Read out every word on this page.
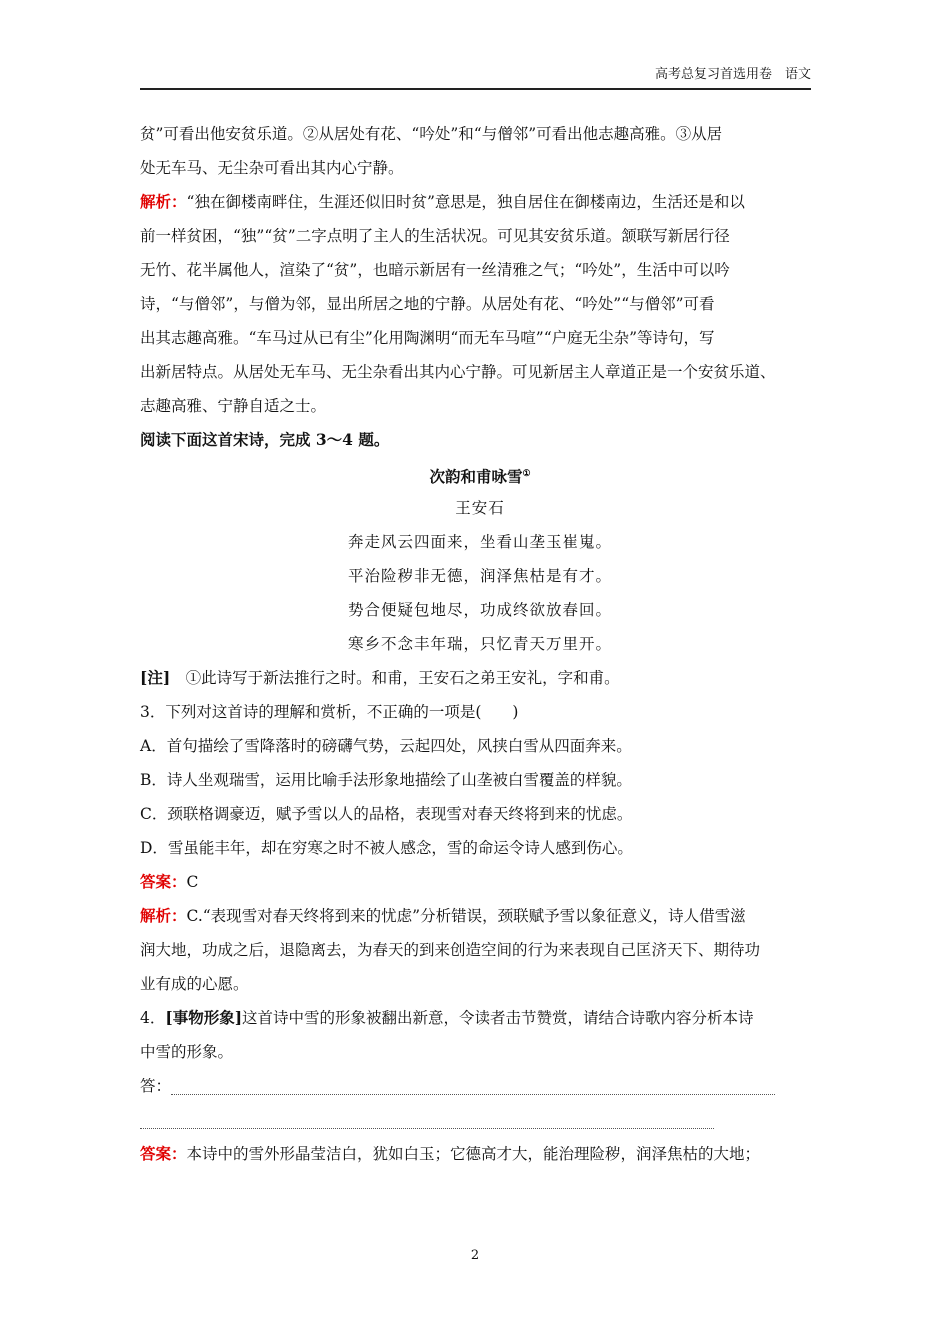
高考总复习首选用卷　语文
贫”可看出他安贫乐道。②从居处有花、“吟处”和“与僧邻”可看出他志趣高雅。③从居
处无车马、无尘杂可看出其内心宁静。
解析：“独在御楼南畔住，生涯还似旧时贫”意思是，独自居住在御楼南边，生活还是和以
前一样贫困，“独”“贫”二字点明了主人的生活状况。可见其安贫乐道。颔联写新居行径
无竹、花半属他人，渲染了“贫”，也暗示新居有一丝清雅之气；“吟处”，生活中可以吟
诗，“与僧邻”，与僧为邻，显出所居之地的宁静。从居处有花、“吟处”“与僧邻”可看
出其志趣高雅。“车马过从已有尘”化用陶渊明“而无车马喧”“户庭无尘杂”等诗句，写
出新居特点。从居处无车马、无尘杂看出其内心宁静。可见新居主人章道正是一个安贫乐道、
志趣高雅、宁静自适之士。
阅读下面这首宋诗，完成 3～4 题。
次韵和甫咏雪①
王安石
奔走风云四面来，坐看山垄玉崔嵬。
平治险秽非无德，润泽焦枯是有才。
势合便疑包地尽，功成终欲放春回。
寒乡不念丰年瑞，只忆青天万里开。
[注]　①此诗写于新法推行之时。和甫，王安石之弟王安礼，字和甫。
3．下列对这首诗的理解和赏析，不正确的一项是(　　)
A．首句描绘了雪降落时的磅礴气势，云起四处，风挟白雪从四面奔来。
B．诗人坐观瑞雪，运用比喻手法形象地描绘了山垄被白雪覆盖的样貌。
C．颈联格调豪迈，赋予雪以人的品格，表现雪对春天终将到来的忧虑。
D．雪虽能丰年，却在穷寒之时不被人感念，雪的命运令诗人感到伤心。
答案：C
解析：C.“表现雪对春天终将到来的忧虑”分析错误，颈联赋予雪以象征意义，诗人借雪滋
润大地，功成之后，退隐离去，为春天的到来创造空间的行为来表现自己匡济天下、期待功
业有成的心愿。
4．[事物形象]这首诗中雪的形象被翻出新意，令读者击节赞赏，请结合诗歌内容分析本诗
中雪的形象。
答：
答案：本诗中的雪外形晶莹洁白，犹如白玉；它德高才大，能治理险秽，润泽焦枯的大地；
2
